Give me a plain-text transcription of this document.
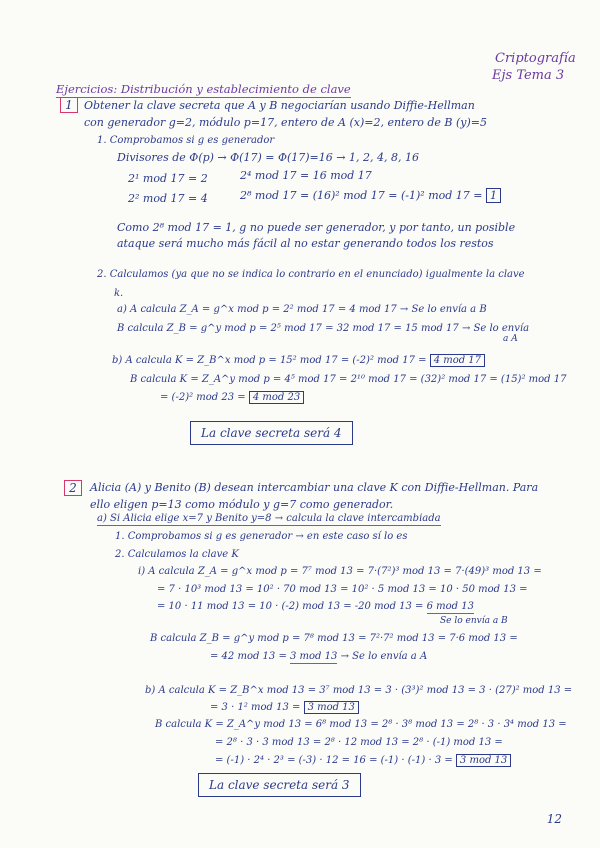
Criptografía
Ejs Tema 3
Ejercicios: Distribución y establecimiento de clave
1	Obtener la clave secreta que A y B negociarían usando Diffie-Hellman
con generador g=2, módulo p=17, entero de A (x)=2, entero de B (y)=5
1. Comprobamos si g es generador
Divisores de Φ(p) → Φ(17) = Φ(17)=16 → 1, 2, 4, 8, 16
2¹ mod 17 = 2	2⁴ mod 17 = 16 mod 17
2² mod 17 = 4	2⁸ mod 17 = (16)² mod 17 = (-1)² mod 17 = 1
Como 2⁸ mod 17 = 1, g no puede ser generador, y por tanto, un posible
ataque será mucho más fácil al no estar generando todos los restos
2. Calculamos (ya que no se indica lo contrario en el enunciado) igualmente la clave
k.
a) A calcula Z_A = g^x mod p = 2² mod 17 = 4 mod 17 → Se lo envía a B
B calcula Z_B = g^y mod p = 2⁵ mod 17 = 32 mod 17 = 15 mod 17 → Se lo envía
a A
b) A calcula K = Z_B^x mod p = 15² mod 17 = (-2)² mod 17 = 4 mod 17
B calcula K = Z_A^y mod p = 4⁵ mod 17 = 2¹⁰ mod 17 = (32)² mod 17 = (15)² mod 17
= (-2)² mod 23 = 4 mod 23
La clave secreta será 4
2	Alicia (A) y Benito (B) desean intercambiar una clave K con Diffie-Hellman. Para
ello eligen p=13 como módulo y g=7 como generador.
a) Si Alicia elige x=7 y Benito y=8 → calcula la clave intercambiada
1. Comprobamos si g es generador → en este caso sí lo es
2. Calculamos la clave K
i) A calcula Z_A = g^x mod p = 7⁷ mod 13 = 7·(7²)³ mod 13 = 7·(49)³ mod 13 =
= 7 · 10³ mod 13 = 10² · 70 mod 13 = 10² · 5 mod 13 = 10 · 50 mod 13 =
= 10 · 11 mod 13 = 10 · (-2) mod 13 = -20 mod 13 = 6 mod 13
Se lo envía a B
B calcula Z_B = g^y mod p = 7⁸ mod 13 = 7²·7² mod 13 = 7·6 mod 13 =
= 42 mod 13 = 3 mod 13 → Se lo envía a A
b) A calcula K = Z_B^x mod 13 = 3⁷ mod 13 = 3 · (3³)² mod 13 = 3 · (27)² mod 13 =
= 3 · 1² mod 13 = 3 mod 13
B calcula K = Z_A^y mod 13 = 6⁸ mod 13 = 2⁸ · 3⁸ mod 13 = 2⁸ · 3 · 3⁴ mod 13 =
= 2⁸ · 3 · 3 mod 13 = 2⁸ · 12 mod 13 = 2⁸ · (-1) mod 13 =
= (-1) · 2⁴ · 2³ = (-3) · 12 = 16 = (-1) · (-1) · 3 = 3 mod 13
La clave secreta será 3
12
